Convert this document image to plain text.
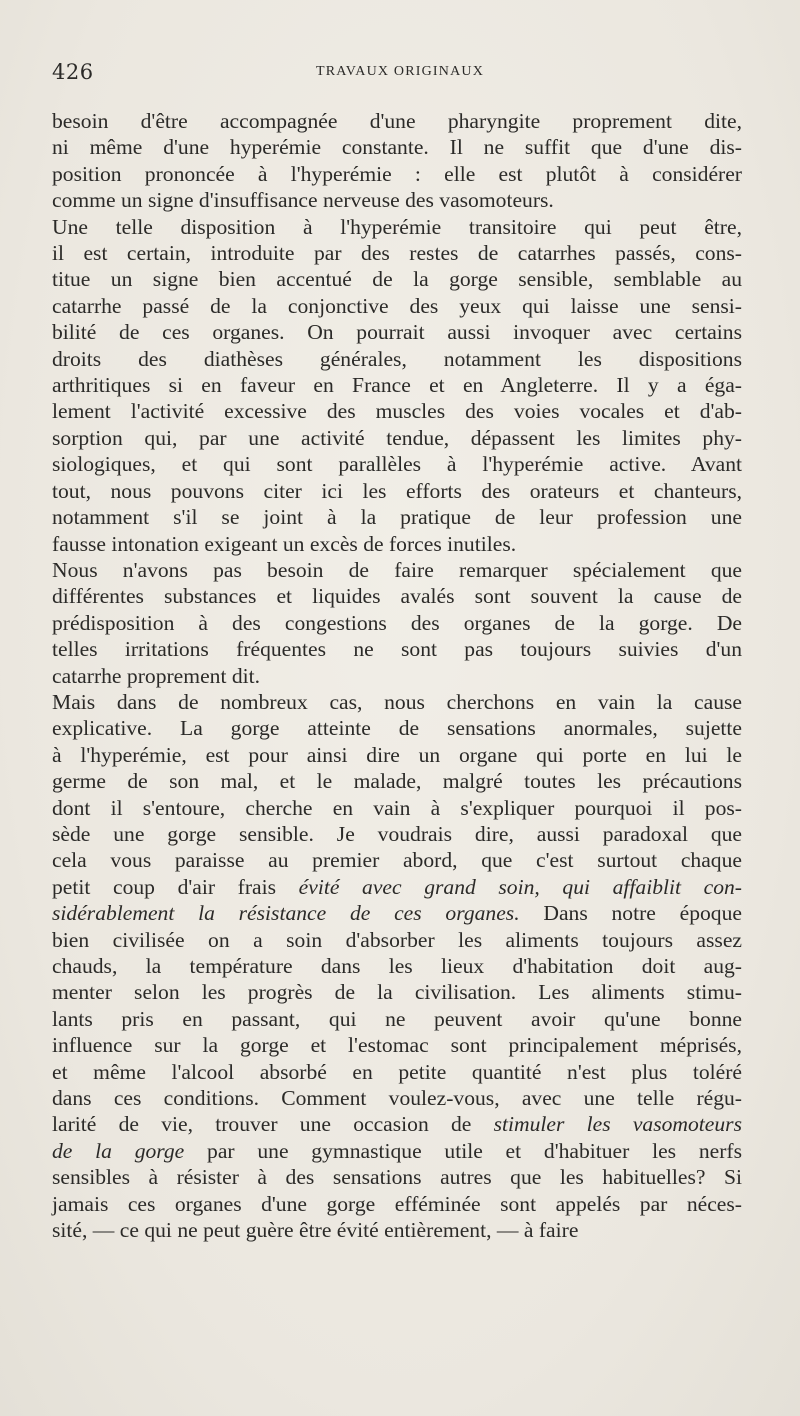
426	TRAVAUX ORIGINAUX

besoin d'être accompagnée d'une pharyngite proprement dite,
ni même d'une hyperémie constante. Il ne suffit que d'une dis-
position prononcée à l'hyperémie : elle est plutôt à considérer
comme un signe d'insuffisance nerveuse des vasomoteurs.

Une telle disposition à l'hyperémie transitoire qui peut être,
il est certain, introduite par des restes de catarrhes passés, cons-
titue un signe bien accentué de la gorge sensible, semblable au
catarrhe passé de la conjonctive des yeux qui laisse une sensi-
bilité de ces organes. On pourrait aussi invoquer avec certains
droits des diathèses générales, notamment les dispositions
arthritiques si en faveur en France et en Angleterre. Il y a éga-
lement l'activité excessive des muscles des voies vocales et d'ab-
sorption qui, par une activité tendue, dépassent les limites phy-
siologiques, et qui sont parallèles à l'hyperémie active. Avant
tout, nous pouvons citer ici les efforts des orateurs et chanteurs,
notamment s'il se joint à la pratique de leur profession une
fausse intonation exigeant un excès de forces inutiles.

Nous n'avons pas besoin de faire remarquer spécialement que
différentes substances et liquides avalés sont souvent la cause de
prédisposition à des congestions des organes de la gorge. De
telles irritations fréquentes ne sont pas toujours suivies d'un
catarrhe proprement dit.

Mais dans de nombreux cas, nous cherchons en vain la cause
explicative. La gorge atteinte de sensations anormales, sujette
à l'hyperémie, est pour ainsi dire un organe qui porte en lui le
germe de son mal, et le malade, malgré toutes les précautions
dont il s'entoure, cherche en vain à s'expliquer pourquoi il pos-
sède une gorge sensible. Je voudrais dire, aussi paradoxal que
cela vous paraisse au premier abord, que c'est surtout chaque
petit coup d'air frais évité avec grand soin, qui affaiblit con-
sidérablement la résistance de ces organes. Dans notre époque
bien civilisée on a soin d'absorber les aliments toujours assez
chauds, la température dans les lieux d'habitation doit aug-
menter selon les progrès de la civilisation. Les aliments stimu-
lants pris en passant, qui ne peuvent avoir qu'une bonne
influence sur la gorge et l'estomac sont principalement méprisés,
et même l'alcool absorbé en petite quantité n'est plus toléré
dans ces conditions. Comment voulez-vous, avec une telle régu-
larité de vie, trouver une occasion de stimuler les vasomoteurs
de la gorge par une gymnastique utile et d'habituer les nerfs
sensibles à résister à des sensations autres que les habituelles? Si
jamais ces organes d'une gorge efféminée sont appelés par néces-
sité, — ce qui ne peut guère être évité entièrement, — à faire
